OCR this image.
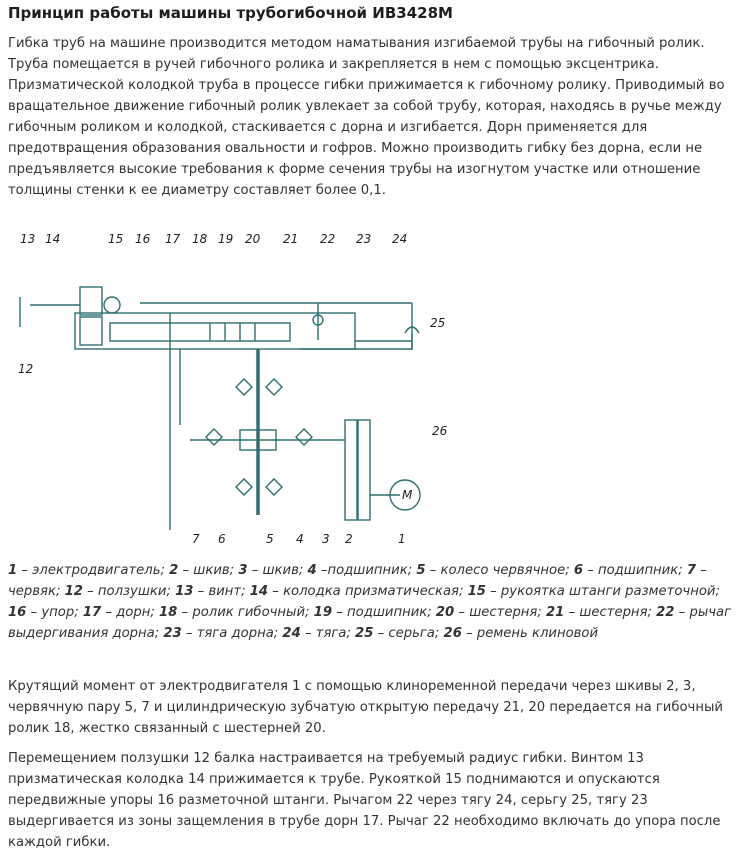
Принцип работы машины трубогибочной ИВ3428М
Гибка труб на машине производится методом наматывания изгибаемой трубы на гибочный ролик. Труба помещается в ручей гибочного ролика и закрепляется в нем с помощью эксцентрика. Призматической колодкой труба в процессе гибки прижимается к гибочному ролику. Приводимый во вращательное движение гибочный ролик увлекает за собой трубу, которая, находясь в ручье между гибочным роликом и колодкой, стаскивается с дорна и изгибается. Дорн применяется для предотвращения образования овальности и гофров. Можно производить гибку без дорна, если не предъявляется высокие требования к форме сечения трубы на изогнутом участке или отношение толщины стенки к ее диаметру составляет более 0,1.
M
13 14	15 16 17 18 19 20 21 22 23 24
25
26
12
7 6	5 4 3 2	1
1 – электродвигатель; 2 – шкив; 3 – шкив; 4 –подшипник; 5 – колесо червячное; 6 – подшипник; 7 – червяк; 12 – ползушки; 13 – винт; 14 – колодка призматическая; 15 – рукоятка штанги разметочной; 16 – упор; 17 – дорн; 18 – ролик гибочный; 19 – подшипник; 20 – шестерня; 21 – шестерня; 22 – рычаг выдергивания дорна; 23 – тяга дорна; 24 – тяга; 25 – серьга; 26 – ремень клиновой
Крутящий момент от электродвигателя 1 с помощью клиноременной передачи через шкивы 2, 3, червячную пару 5, 7 и цилиндрическую зубчатую открытую передачу 21, 20 передается на гибочный ролик 18, жестко связанный с шестерней 20.
Перемещением ползушки 12 балка настраивается на требуемый радиус гибки. Винтом 13 призматическая колодка 14 прижимается к трубе. Рукояткой 15 поднимаются и опускаются передвижные упоры 16 разметочной штанги. Рычагом 22 через тягу 24, серьгу 25, тягу 23 выдергивается из зоны защемления в трубе дорн 17. Рычаг 22 необходимо включать до упора после каждой гибки.
